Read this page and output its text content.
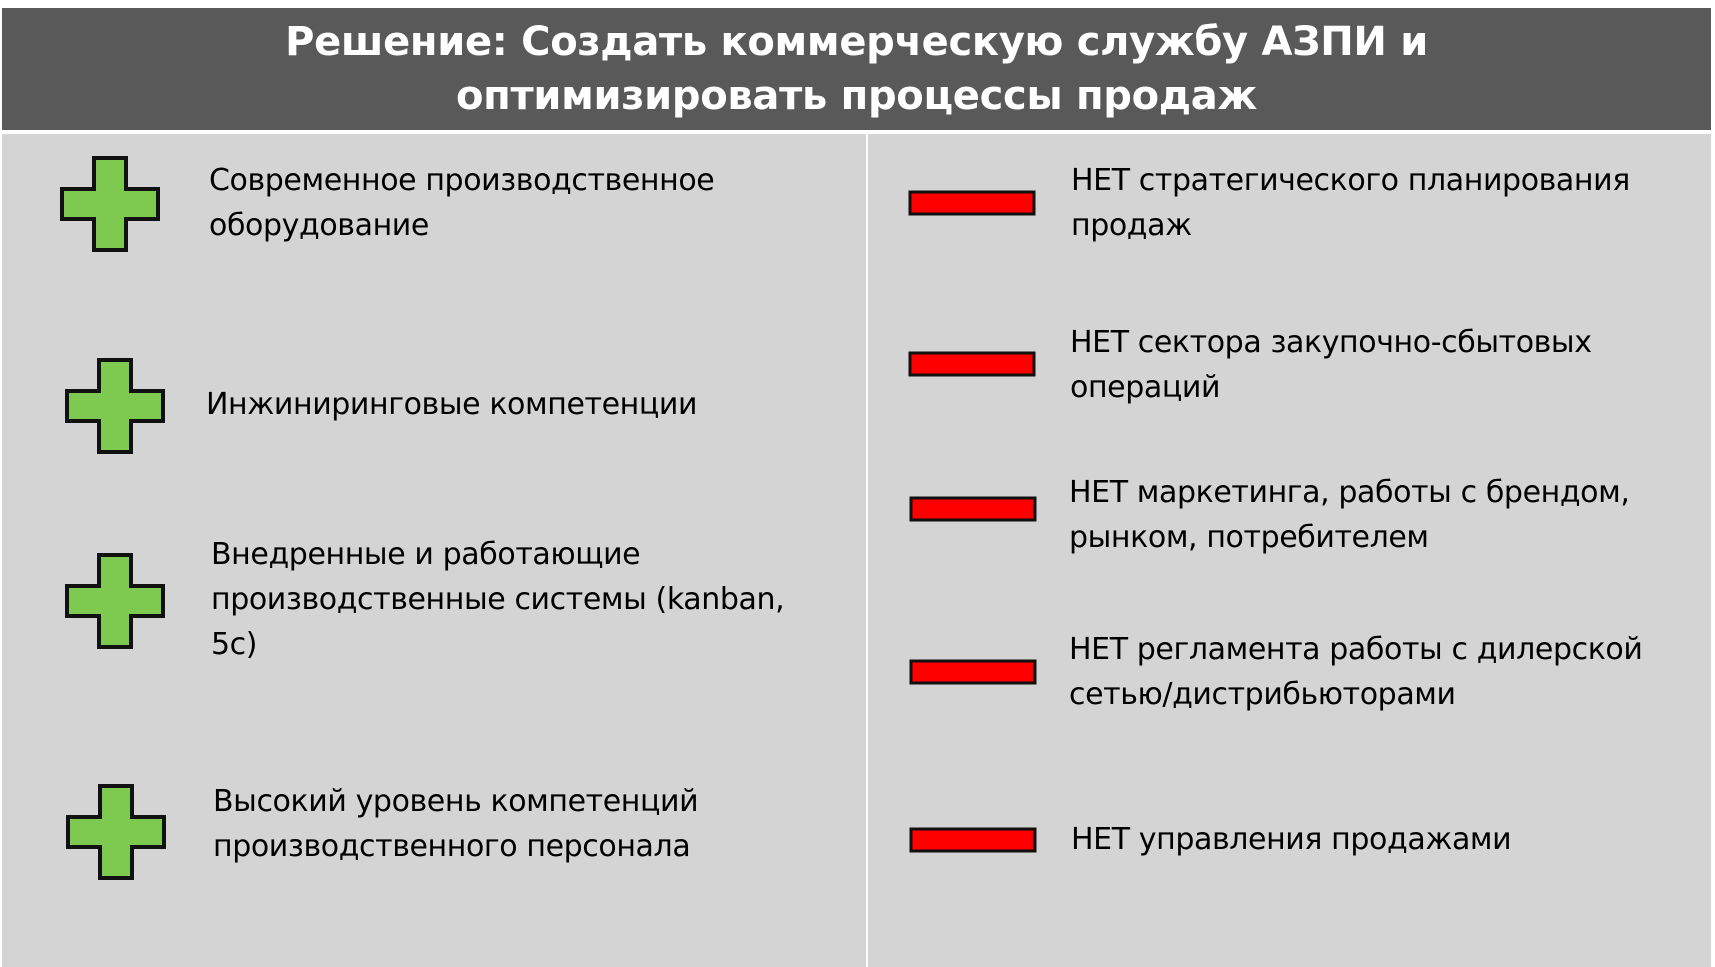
Решение: Создать коммерческую службу АЗПИ и оптимизировать процессы продаж
Современное производственное оборудование
Инжиниринговые компетенции
Внедренные и работающие производственные системы (kanban, 5с)
Высокий уровень компетенций производственного персонала
НЕТ стратегического планирования продаж
НЕТ сектора закупочно-сбытовых операций
НЕТ маркетинга, работы с брендом, рынком, потребителем
НЕТ регламента работы с дилерской сетью/дистрибьюторами
НЕТ управления продажами
